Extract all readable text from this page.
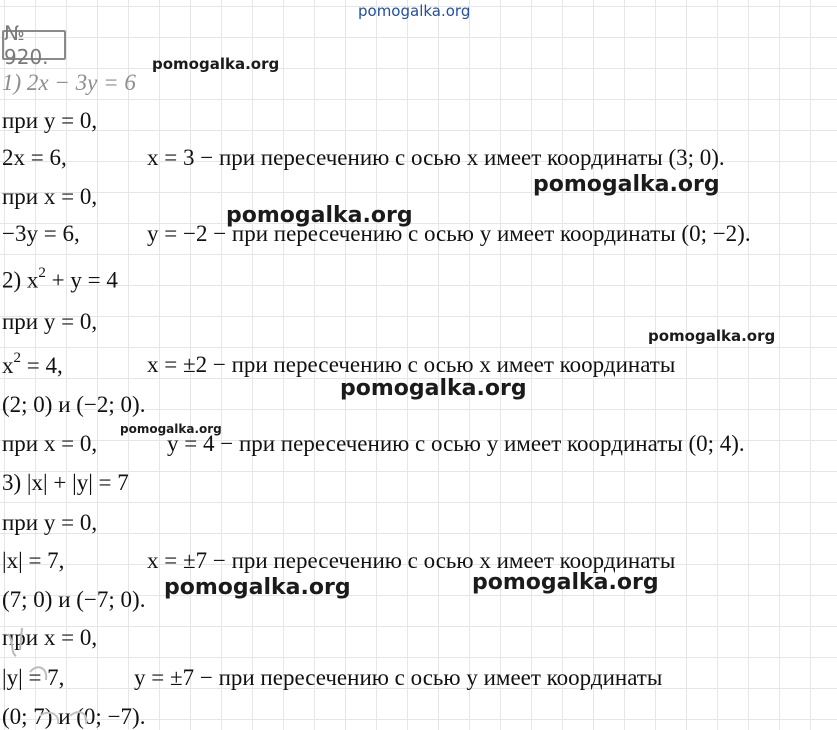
pomogalka.org
№ 920.	pomogalka.org
1) 2x − 3y = 6
при y = 0,
2x = 6,	x = 3 − при пересечению с осью x имеет координаты (3; 0).
pomogalka.org
при x = 0,
pomogalka.org
−3y = 6,	y = −2 − при пересечению с осью y имеет координаты (0; −2).
2) $x^2 + y = 4$
при y = 0,
pomogalka.org
$x^2 = 4$,	x = ±2 − при пересечению с осью x имеет координаты
pomogalka.org
(2; 0) и (−2; 0).
pomogalka.org
при x = 0,	y = 4 − при пересечению с осью y имеет координаты (0; 4).
3) |x| + |y| = 7
при y = 0,
|x| = 7,	x = ±7 − при пересечению с осью x имеет координаты
pomogalka.org	pomogalka.org
(7; 0) и (−7; 0).
при x = 0,
|y| = 7,	y = ±7 − при пересечению с осью y имеет координаты
(0; 7) и (0; −7).
